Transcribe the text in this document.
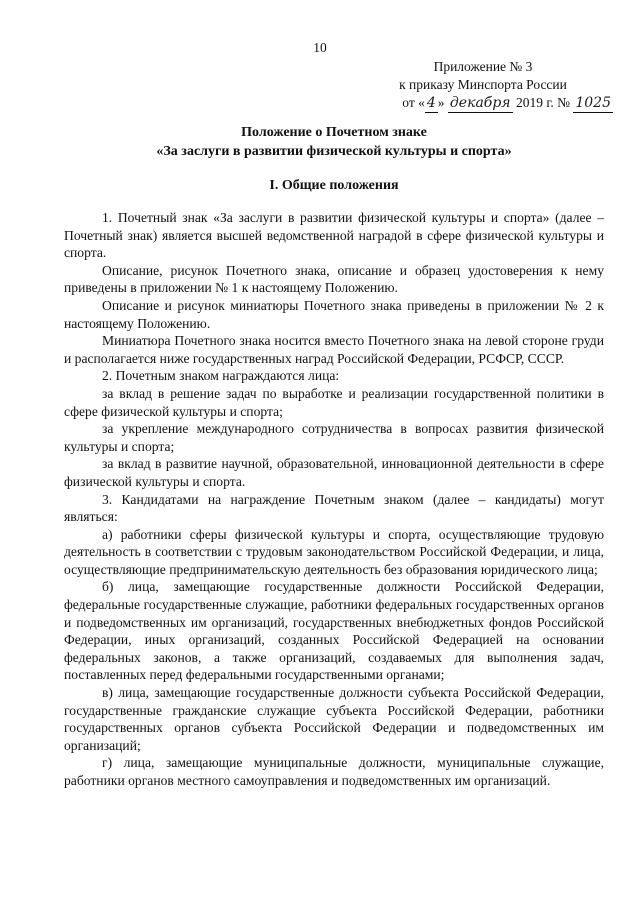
10
Приложение № 3
к приказу Минспорта России
от « 4 » декабря 2019 г. № 1025
Положение о Почетном знаке
«За заслуги в развитии физической культуры и спорта»
I. Общие положения

1. Почетный знак «За заслуги в развитии физической культуры и спорта» (далее – Почетный знак) является высшей ведомственной наградой в сфере физической культуры и спорта.

Описание, рисунок Почетного знака, описание и образец удостоверения к нему приведены в приложении № 1 к настоящему Положению.

Описание и рисунок миниатюры Почетного знака приведены в приложении № 2 к настоящему Положению.

Миниатюра Почетного знака носится вместо Почетного знака на левой стороне груди и располагается ниже государственных наград Российской Федерации, РСФСР, СССР.

2. Почетным знаком награждаются лица:

за вклад в решение задач по выработке и реализации государственной политики в сфере физической культуры и спорта;

за укрепление международного сотрудничества в вопросах развития физической культуры и спорта;

за вклад в развитие научной, образовательной, инновационной деятельности в сфере физической культуры и спорта.

3. Кандидатами на награждение Почетным знаком (далее – кандидаты) могут являться:

а) работники сферы физической культуры и спорта, осуществляющие трудовую деятельность в соответствии с трудовым законодательством Российской Федерации, и лица, осуществляющие предпринимательскую деятельность без образования юридического лица;

б) лица, замещающие государственные должности Российской Федерации, федеральные государственные служащие, работники федеральных государственных органов и подведомственных им организаций, государственных внебюджетных фондов Российской Федерации, иных организаций, созданных Российской Федерацией на основании федеральных законов, а также организаций, создаваемых для выполнения задач, поставленных перед федеральными государственными органами;

в) лица, замещающие государственные должности субъекта Российской Федерации, государственные гражданские служащие субъекта Российской Федерации, работники государственных органов субъекта Российской Федерации и подведомственных им организаций;

г) лица, замещающие муниципальные должности, муниципальные служащие, работники органов местного самоуправления и подведомственных им организаций.
